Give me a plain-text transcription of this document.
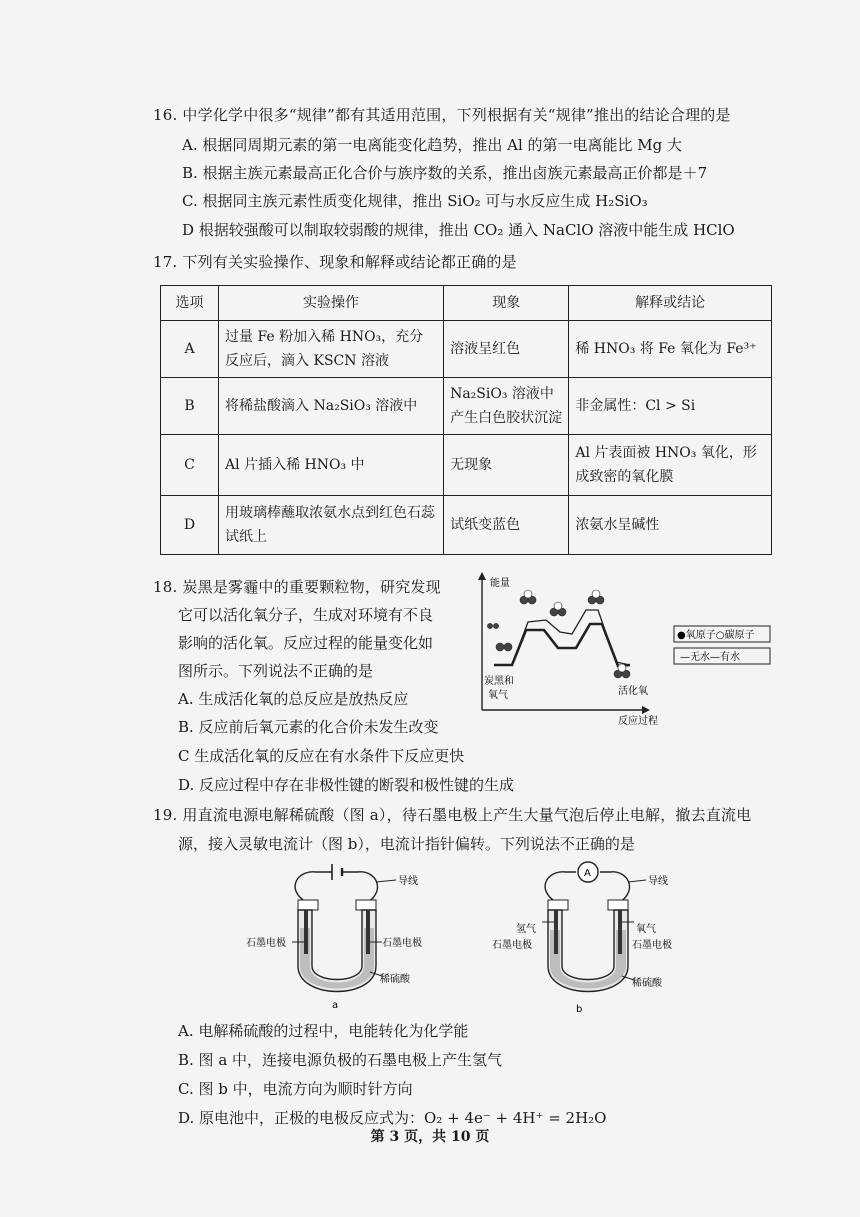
16. 中学化学中很多“规律”都有其适用范围，下列根据有关“规律”推出的结论合理的是
A. 根据同周期元素的第一电离能变化趋势，推出 Al 的第一电离能比 Mg 大
B. 根据主族元素最高正化合价与族序数的关系，推出卤族元素最高正价都是＋7
C. 根据同主族元素性质变化规律，推出 SiO₂ 可与水反应生成 H₂SiO₃
D 根据较强酸可以制取较弱酸的规律，推出 CO₂ 通入 NaClO 溶液中能生成 HClO
17. 下列有关实验操作、现象和解释或结论都正确的是
选项	实验操作	现象	解释或结论
A	过量 Fe 粉加入稀 HNO₃，充分反应后，滴入 KSCN 溶液	溶液呈红色	稀 HNO₃ 将 Fe 氧化为 Fe³⁺
B	将稀盐酸滴入 Na₂SiO₃ 溶液中	Na₂SiO₃ 溶液中产生白色胶状沉淀	非金属性：Cl > Si
C	Al 片插入稀 HNO₃ 中	无现象	Al 片表面被 HNO₃ 氧化，形成致密的氧化膜
D	用玻璃棒蘸取浓氨水点到红色石蕊试纸上	试纸变蓝色	浓氨水呈碱性
18. 炭黑是雾霾中的重要颗粒物，研究发现
它可以活化氧分子，生成对环境有不良
影响的活化氧。反应过程的能量变化如
图所示。下列说法不正确的是
A. 生成活化氧的总反应是放热反应
B. 反应前后氧元素的化合价未发生改变
C 生成活化氧的反应在有水条件下反应更快
D. 反应过程中存在非极性键的断裂和极性键的生成
能量
炭黑和
氧气	活化氧
反应过程
●氧原子○碳原子
—无水—有水
19. 用直流电源电解稀硫酸（图 a），待石墨电极上产生大量气泡后停止电解，撤去直流电
源，接入灵敏电流计（图 b），电流计指针偏转。下列说法不正确的是
导线
石墨电极	石墨电极
稀硫酸
a
A
导线
氢气	氧气
石墨电极	石墨电极
稀硫酸
b
A. 电解稀硫酸的过程中，电能转化为化学能
B. 图 a 中，连接电源负极的石墨电极上产生氢气
C. 图 b 中，电流方向为顺时针方向
D. 原电池中，正极的电极反应式为：O₂ + 4e⁻ + 4H⁺ = 2H₂O
第 3 页，共 10 页
